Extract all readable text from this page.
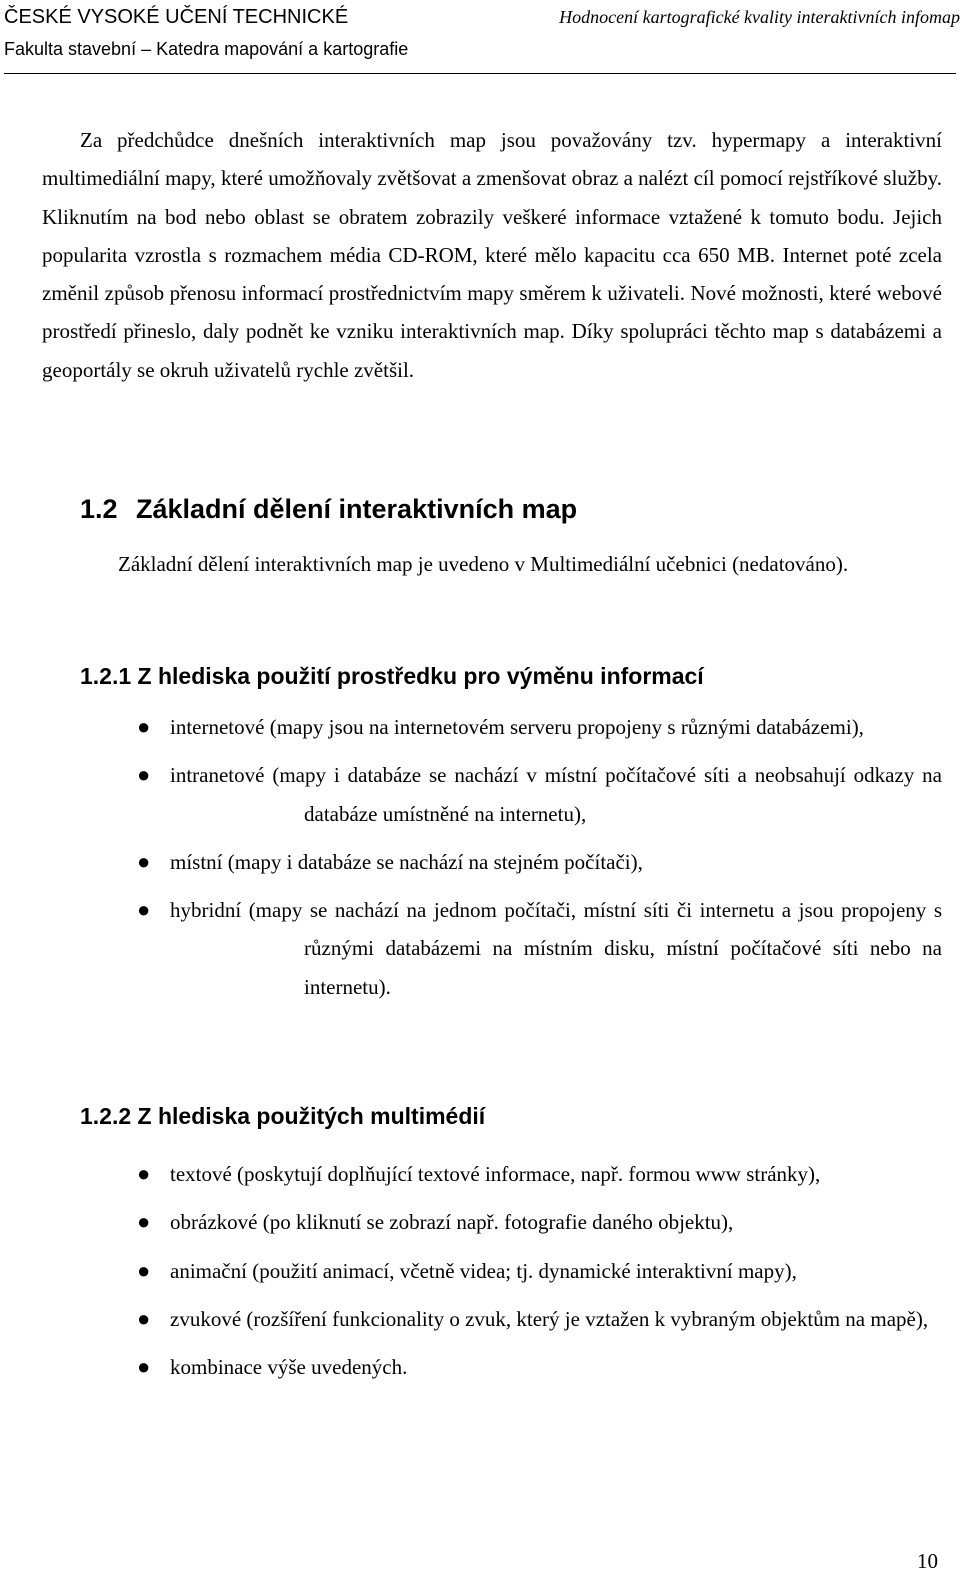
ČESKÉ VYSOKÉ UČENÍ TECHNICKÉ	Hodnocení kartografické kvality interaktivních infomap
Fakulta stavební – Katedra mapování a kartografie
Za předchůdce dnešních interaktivních map jsou považovány tzv. hypermapy a interaktivní multimediální mapy, které umožňovaly zvětšovat a zmenšovat obraz a nalézt cíl pomocí rejstříkové služby. Kliknutím na bod nebo oblast se obratem zobrazily veškeré informace vztažené k tomuto bodu. Jejich popularita vzrostla s rozmachem média CD-ROM, které mělo kapacitu cca 650 MB. Internet poté zcela změnil způsob přenosu informací prostřednictvím mapy směrem k uživateli. Nové možnosti, které webové prostředí přineslo, daly podnět ke vzniku interaktivních map. Díky spolupráci těchto map s databázemi a geoportály se okruh uživatelů rychle zvětšil.
1.2 Základní dělení interaktivních map
Základní dělení interaktivních map je uvedeno v Multimediální učebnici (nedatováno).
1.2.1 Z hlediska použití prostředku pro výměnu informací
● internetové (mapy jsou na internetovém serveru propojeny s různými databázemi),
● intranetové (mapy i databáze se nachází v místní počítačové síti a neobsahují odkazy na databáze umístněné na internetu),
● místní (mapy i databáze se nachází na stejném počítači),
● hybridní (mapy se nachází na jednom počítači, místní síti či internetu a jsou propojeny s různými databázemi na místním disku, místní počítačové síti nebo na internetu).
1.2.2 Z hlediska použitých multimédií
● textové (poskytují doplňující textové informace, např. formou www stránky),
● obrázkové (po kliknutí se zobrazí např. fotografie daného objektu),
● animační (použití animací, včetně videa; tj. dynamické interaktivní mapy),
● zvukové (rozšíření funkcionality o zvuk, který je vztažen k vybraným objektům na mapě),
● kombinace výše uvedených.
10
